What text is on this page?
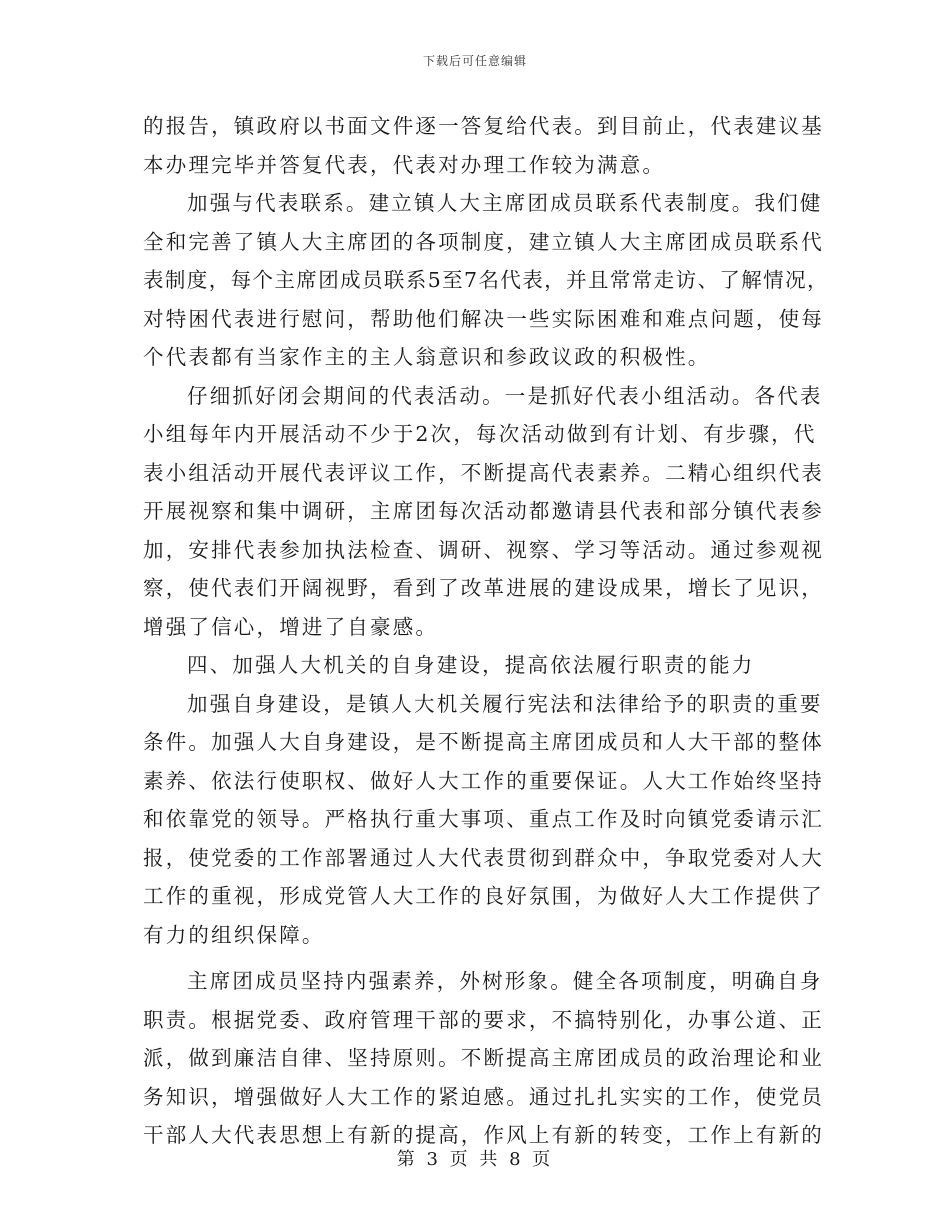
下载后可任意编辑
的报告，镇政府以书面文件逐一答复给代表。到目前止，代表建议基
本办理完毕并答复代表，代表对办理工作较为满意。
加强与代表联系。建立镇人大主席团成员联系代表制度。我们健
全和完善了镇人大主席团的各项制度，建立镇人大主席团成员联系代
表制度，每个主席团成员联系5至7名代表，并且常常走访、了解情况，
对特困代表进行慰问，帮助他们解决一些实际困难和难点问题，使每
个代表都有当家作主的主人翁意识和参政议政的积极性。
仔细抓好闭会期间的代表活动。一是抓好代表小组活动。各代表
小组每年内开展活动不少于2次，每次活动做到有计划、有步骤，代
表小组活动开展代表评议工作，不断提高代表素养。二精心组织代表
开展视察和集中调研，主席团每次活动都邀请县代表和部分镇代表参
加，安排代表参加执法检查、调研、视察、学习等活动。通过参观视
察，使代表们开阔视野，看到了改革进展的建设成果，增长了见识，
增强了信心，增进了自豪感。
四、加强人大机关的自身建设，提高依法履行职责的能力
加强自身建设，是镇人大机关履行宪法和法律给予的职责的重要
条件。加强人大自身建设，是不断提高主席团成员和人大干部的整体
素养、依法行使职权、做好人大工作的重要保证。人大工作始终坚持
和依靠党的领导。严格执行重大事项、重点工作及时向镇党委请示汇
报，使党委的工作部署通过人大代表贯彻到群众中，争取党委对人大
工作的重视，形成党管人大工作的良好氛围，为做好人大工作提供了
有力的组织保障。
主席团成员坚持内强素养，外树形象。健全各项制度，明确自身
职责。根据党委、政府管理干部的要求，不搞特别化，办事公道、正
派，做到廉洁自律、坚持原则。不断提高主席团成员的政治理论和业
务知识，增强做好人大工作的紧迫感。通过扎扎实实的工作，使党员
干部人大代表思想上有新的提高，作风上有新的转变，工作上有新的
第 3 页 共 8 页
